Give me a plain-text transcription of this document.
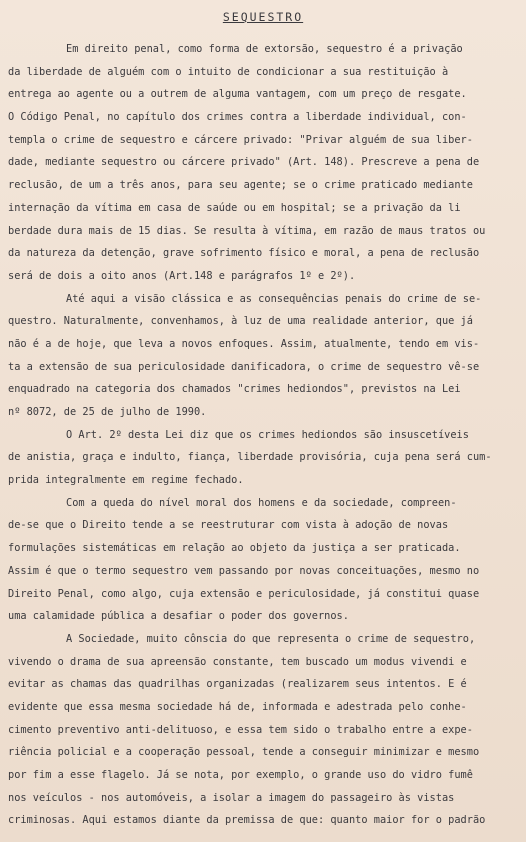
SEQUESTRO
Em direito penal, como forma de extorsão, sequestro é a privação
da liberdade de alguém com o intuito de condicionar a sua restituição à
entrega ao agente ou a outrem de alguma vantagem, com um preço de resgate.
O Código Penal, no capítulo dos crimes contra a liberdade individual, con-
templa o crime de sequestro e cárcere privado: "Privar alguém de sua liber-
dade, mediante sequestro ou cárcere privado" (Art. 148). Prescreve a pena de
reclusão, de um a três anos, para seu agente; se o crime praticado mediante
internação da vítima em casa de saúde ou em hospital; se a privação da li
berdade dura mais de 15 dias. Se resulta à vítima, em razão de maus tratos ou
da natureza da detenção, grave sofrimento físico e moral, a pena de reclusão
será de dois a oito anos (Art.148 e parágrafos 1º e 2º).
Até aqui a visão clássica e as consequências penais do crime de se-
questro. Naturalmente, convenhamos, à luz de uma realidade anterior, que já
não é a de hoje, que leva a novos enfoques. Assim, atualmente, tendo em vis-
ta a extensão de sua periculosidade danificadora, o crime de sequestro vê-se
enquadrado na categoria dos chamados "crimes hediondos", previstos na Lei
nº 8072, de 25 de julho de 1990.
O Art. 2º desta Lei diz que os crimes hediondos são insuscetíveis
de anistia, graça e indulto, fiança, liberdade provisória, cuja pena será cum-
prida integralmente em regime fechado.
Com a queda do nível moral dos homens e da sociedade, compreen-
de-se que o Direito tende a se reestruturar com vista à adoção de novas
formulações sistemáticas em relação ao objeto da justiça a ser praticada.
Assim é que o termo sequestro vem passando por novas conceituações, mesmo no
Direito Penal, como algo, cuja extensão e periculosidade, já constitui quase
uma calamidade pública a desafiar o poder dos governos.
A Sociedade, muito cônscia do que representa o crime de sequestro,
vivendo o drama de sua apreensão constante, tem buscado um modus vivendi e
evitar as chamas das quadrilhas organizadas (realizarem seus intentos. E é
evidente que essa mesma sociedade há de, informada e adestrada pelo conhe-
cimento preventivo anti-delituoso, e essa tem sido o trabalho entre a expe-
riência policial e a cooperação pessoal, tende a conseguir minimizar e mesmo
por fim a esse flagelo. Já se nota, por exemplo, o grande uso do vidro fumê
nos veículos - nos automóveis, a isolar a imagem do passageiro às vistas
criminosas. Aqui estamos diante da premissa de que: quanto maior for o padrão
